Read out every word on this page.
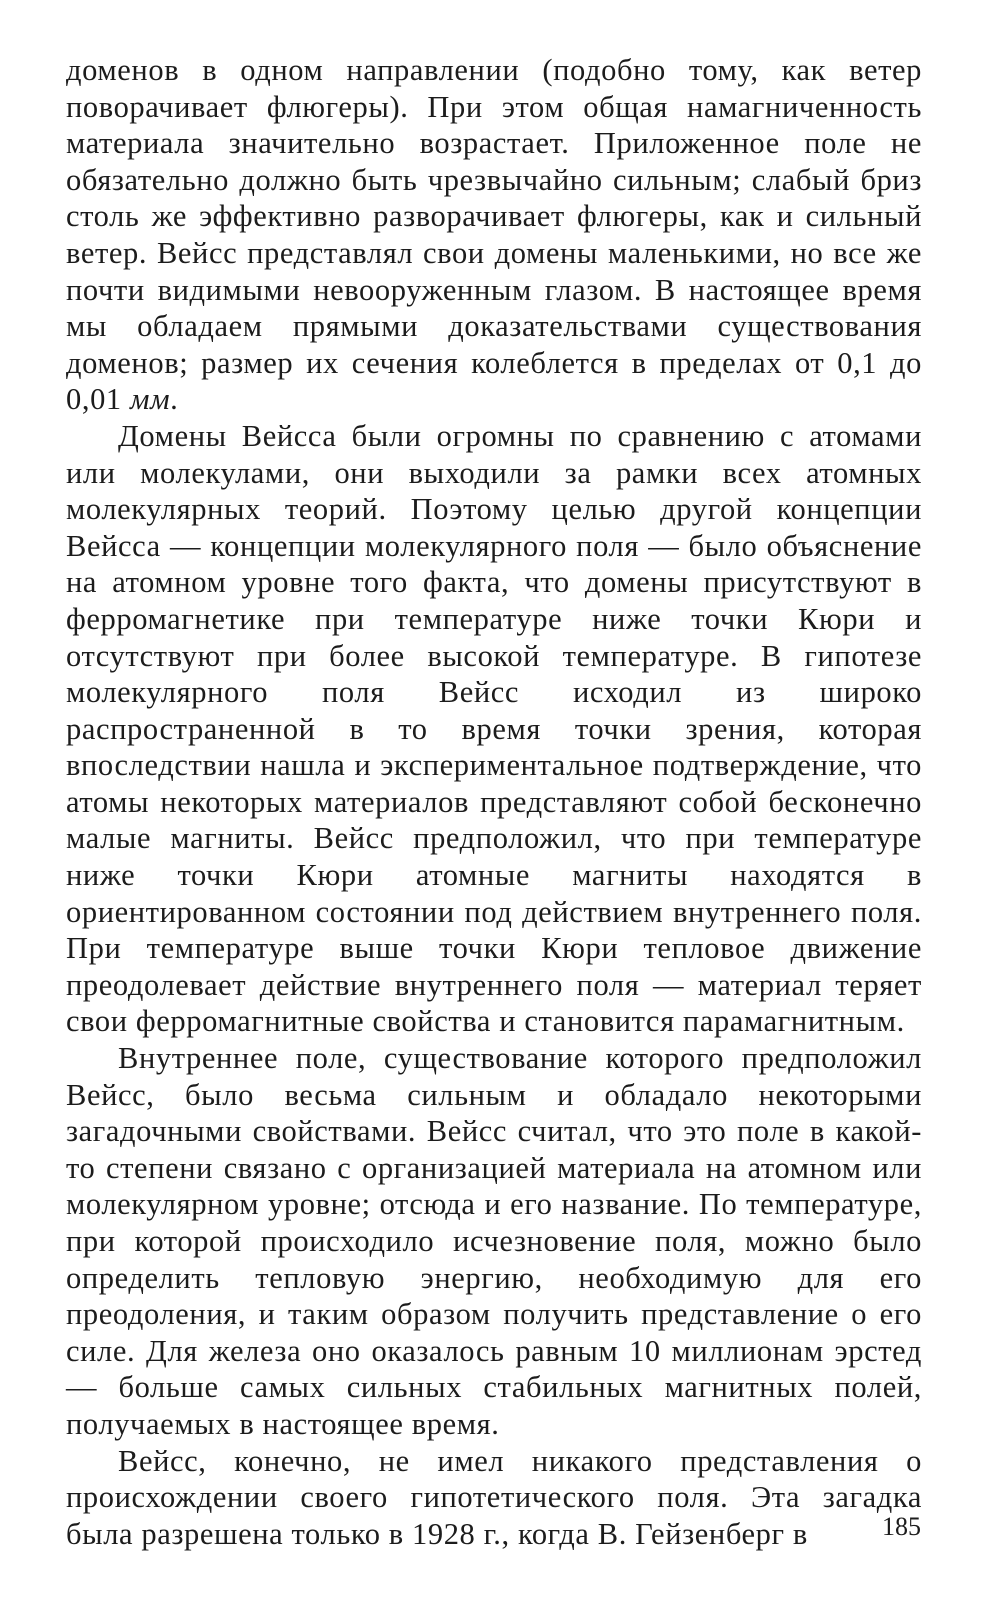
доменов в одном направлении (подобно тому, как ветер поворачивает флюгеры). При этом общая намагниченность материала значительно возрастает. Приложенное поле не обязательно должно быть чрезвычайно сильным; слабый бриз столь же эффективно разворачивает флюгеры, как и сильный ветер. Вейсс представлял свои домены маленькими, но все же почти видимыми невооруженным глазом. В настоящее время мы обладаем прямыми доказательствами существования доменов; размер их сечения колеблется в пределах от 0,1 до 0,01 мм.

Домены Вейсса были огромны по сравнению с атомами или молекулами, они выходили за рамки всех атомных молекулярных теорий. Поэтому целью другой концепции Вейсса — концепции молекулярного поля — было объяснение на атомном уровне того факта, что домены присутствуют в ферромагнетике при температуре ниже точки Кюри и отсутствуют при более высокой температуре. В гипотезе молекулярного поля Вейсс исходил из широко распространенной в то время точки зрения, которая впоследствии нашла и экспериментальное подтверждение, что атомы некоторых материалов представляют собой бесконечно малые магниты. Вейсс предположил, что при температуре ниже точки Кюри атомные магниты находятся в ориентированном состоянии под действием внутреннего поля. При температуре выше точки Кюри тепловое движение преодолевает действие внутреннего поля — материал теряет свои ферромагнитные свойства и становится парамагнитным.

Внутреннее поле, существование которого предположил Вейсс, было весьма сильным и обладало некоторыми загадочными свойствами. Вейсс считал, что это поле в какой-то степени связано с организацией материала на атомном или молекулярном уровне; отсюда и его название. По температуре, при которой происходило исчезновение поля, можно было определить тепловую энергию, необходимую для его преодоления, и таким образом получить представление о его силе. Для железа оно оказалось равным 10 миллионам эрстед — больше самых сильных стабильных магнитных полей, получаемых в настоящее время.

Вейсс, конечно, не имел никакого представления о происхождении своего гипотетического поля. Эта загадка была разрешена только в 1928 г., когда В. Гейзенберг в	185
